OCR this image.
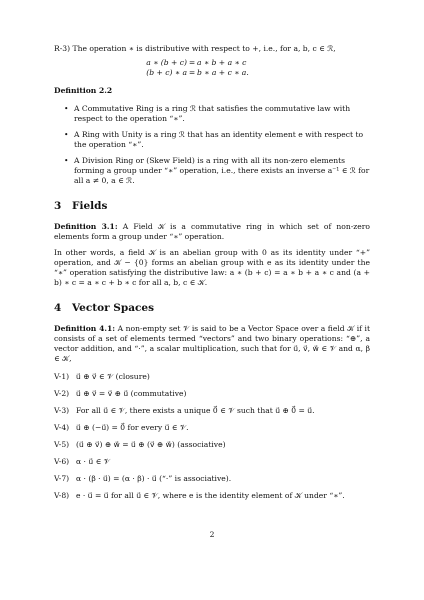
R-3) The operation ∗ is distributive with respect to +, i.e., for a, b, c ∈ ℛ,

a ∗ (b + c) = a ∗ b + a ∗ c
(b + c) ∗ a = b ∗ a + c ∗ a.

Definition 2.2

• A Commutative Ring is a ring ℛ that satisfies the commutative law with respect to the operation “∗”.
• A Ring with Unity is a ring ℛ that has an identity element e with respect to the operation “∗”.
• A Division Ring or (Skew Field) is a ring with all its non-zero elements forming a group under “∗” operation, i.e., there exists an inverse a⁻¹ ∈ ℛ for all a ≠ 0, a ∈ ℛ.
3 Fields

Definition 3.1: A Field 𝒦 is a commutative ring in which set of non-zero elements form a group under “∗” operation.

In other words, a field 𝒦 is an abelian group with 0 as its identity under “+” operation, and 𝒦 − {0} forms an abelian group with e as its identity under the “∗” operation satisfying the distributive law: a ∗ (b + c) = a ∗ b + a ∗ c and (a + b) ∗ c = a ∗ c + b ∗ c for all a, b, c ∈ 𝒦.

4 Vector Spaces

Definition 4.1: A non-empty set 𝒱 is said to be a Vector Space over a field 𝒦 if it consists of a set of elements termed “vectors” and two binary operations: “⊕”, a vector addition, and “·”, a scalar multiplication, such that for u⃗, v⃗, w⃗ ∈ 𝒱 and α, β ∈ 𝒦,

V-1) u⃗ ⊕ v⃗ ∈ 𝒱 (closure)
V-2) u⃗ ⊕ v⃗ = v⃗ ⊕ u⃗ (commutative)
V-3) For all u⃗ ∈ 𝒱, there exists a unique 0⃗ ∈ 𝒱 such that u⃗ ⊕ 0⃗ = u⃗.
V-4) u⃗ ⊕ (−u⃗) = 0⃗ for every u⃗ ∈ 𝒱.
V-5) (u⃗ ⊕ v⃗) ⊕ w⃗ = u⃗ ⊕ (v⃗ ⊕ w⃗) (associative)
V-6) α · u⃗ ∈ 𝒱
V-7) α · (β · u⃗) = (α · β) · u⃗ (“·” is associative).
V-8) e · u⃗ = u⃗ for all u⃗ ∈ 𝒱, where e is the identity element of 𝒦 under “∗”.
2
